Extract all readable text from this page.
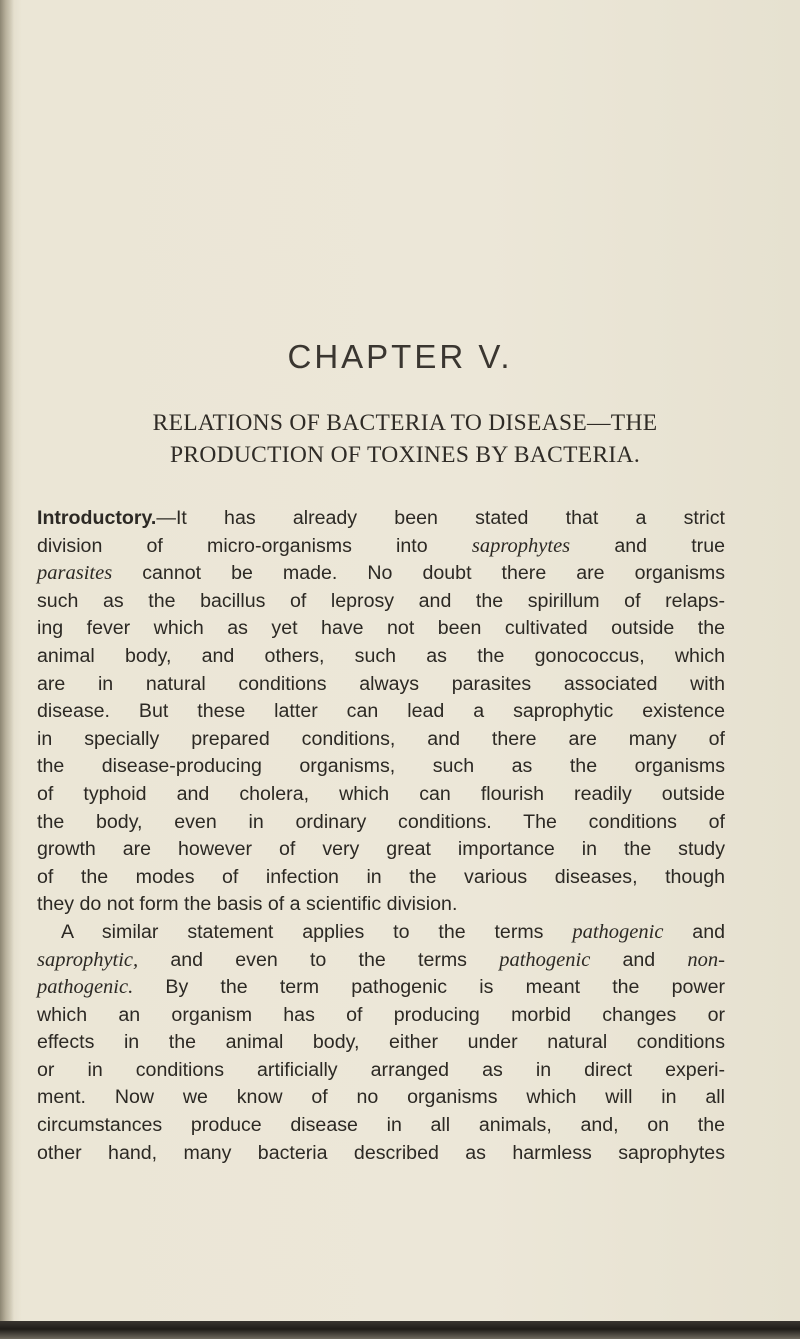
CHAPTER V.
RELATIONS OF BACTERIA TO DISEASE—THE
PRODUCTION OF TOXINES BY BACTERIA.
Introductory.—It has already been stated that a strict
division of micro-organisms into saprophytes and true
parasites cannot be made. No doubt there are organisms
such as the bacillus of leprosy and the spirillum of relaps-
ing fever which as yet have not been cultivated outside the
animal body, and others, such as the gonococcus, which
are in natural conditions always parasites associated with
disease. But these latter can lead a saprophytic existence
in specially prepared conditions, and there are many of
the disease-producing organisms, such as the organisms
of typhoid and cholera, which can flourish readily outside
the body, even in ordinary conditions. The conditions of
growth are however of very great importance in the study
of the modes of infection in the various diseases, though
they do not form the basis of a scientific division.
A similar statement applies to the terms pathogenic and
saprophytic, and even to the terms pathogenic and non-
pathogenic. By the term pathogenic is meant the power
which an organism has of producing morbid changes or
effects in the animal body, either under natural conditions
or in conditions artificially arranged as in direct experi-
ment. Now we know of no organisms which will in all
circumstances produce disease in all animals, and, on the
other hand, many bacteria described as harmless saprophytes
